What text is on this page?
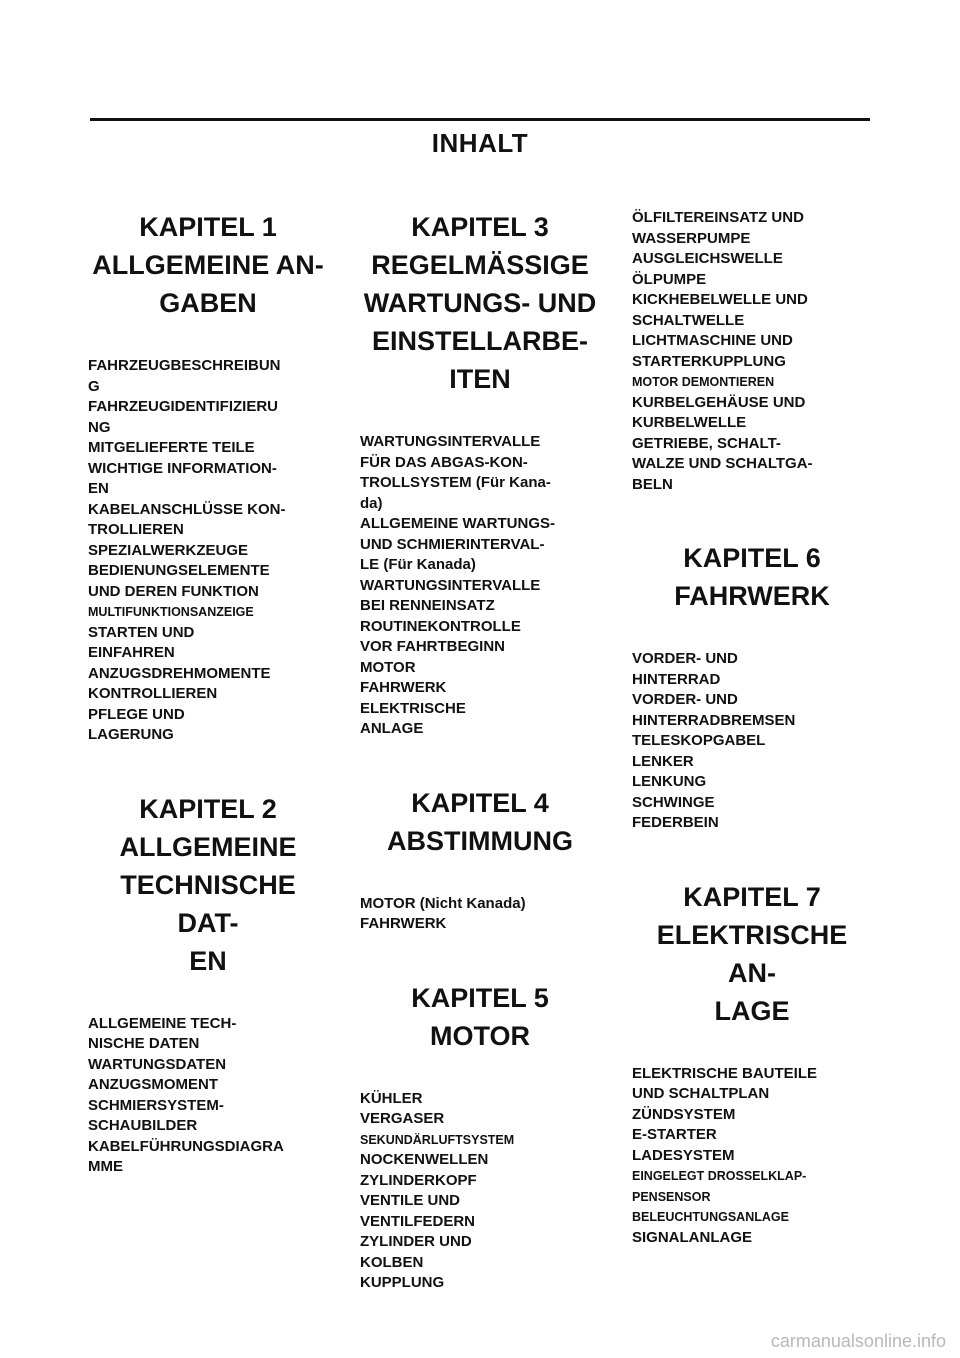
INHALT
KAPITEL 1
ALLGEMEINE AN-
GABEN
FAHRZEUGBESCHREIBUN
G
FAHRZEUGIDENTIFIZIERU
NG
MITGELIEFERTE TEILE
WICHTIGE INFORMATION-
EN
KABELANSCHLÜSSE KON-
TROLLIEREN
SPEZIALWERKZEUGE
BEDIENUNGSELEMENTE
UND DEREN FUNKTION
MULTIFUNKTIONSANZEIGE
STARTEN UND
EINFAHREN
ANZUGSDREHMOMENTE
KONTROLLIEREN
PFLEGE UND
LAGERUNG
KAPITEL 2
ALLGEMEINE
TECHNISCHE DAT-
EN
ALLGEMEINE TECH-
NISCHE DATEN
WARTUNGSDATEN
ANZUGSMOMENT
SCHMIERSYSTEM-
SCHAUBILDER
KABELFÜHRUNGSDIAGRA
MME
KAPITEL 3
REGELMÄSSIGE
WARTUNGS- UND
EINSTELLARBE-
ITEN
WARTUNGSINTERVALLE
FÜR DAS ABGAS-KON-
TROLLSYSTEM (Für Kana-
da)
ALLGEMEINE WARTUNGS-
UND SCHMIERINTERVAL-
LE (Für Kanada)
WARTUNGSINTERVALLE
BEI RENNEINSATZ
ROUTINEKONTROLLE
VOR FAHRTBEGINN
MOTOR
FAHRWERK
ELEKTRISCHE
ANLAGE
KAPITEL 4
ABSTIMMUNG
MOTOR (Nicht Kanada)
FAHRWERK
KAPITEL 5
MOTOR
KÜHLER
VERGASER
SEKUNDÄRLUFTSYSTEM
NOCKENWELLEN
ZYLINDERKOPF
VENTILE UND
VENTILFEDERN
ZYLINDER UND
KOLBEN
KUPPLUNG
ÖLFILTEREINSATZ UND
WASSERPUMPE
AUSGLEICHSWELLE
ÖLPUMPE
KICKHEBELWELLE UND
SCHALTWELLE
LICHTMASCHINE UND
STARTERKUPPLUNG
MOTOR DEMONTIEREN
KURBELGEHÄUSE UND
KURBELWELLE
GETRIEBE, SCHALT-
WALZE UND SCHALTGA-
BELN
KAPITEL 6
FAHRWERK
VORDER- UND
HINTERRAD
VORDER- UND
HINTERRADBREMSEN
TELESKOPGABEL
LENKER
LENKUNG
SCHWINGE
FEDERBEIN
KAPITEL 7
ELEKTRISCHE AN-
LAGE
ELEKTRISCHE BAUTEILE
UND SCHALTPLAN
ZÜNDSYSTEM
E-STARTER
LADESYSTEM
EINGELEGT DROSSELKLAP-
PENSENSOR
BELEUCHTUNGSANLAGE
SIGNALANLAGE
carmanualsonline.info
